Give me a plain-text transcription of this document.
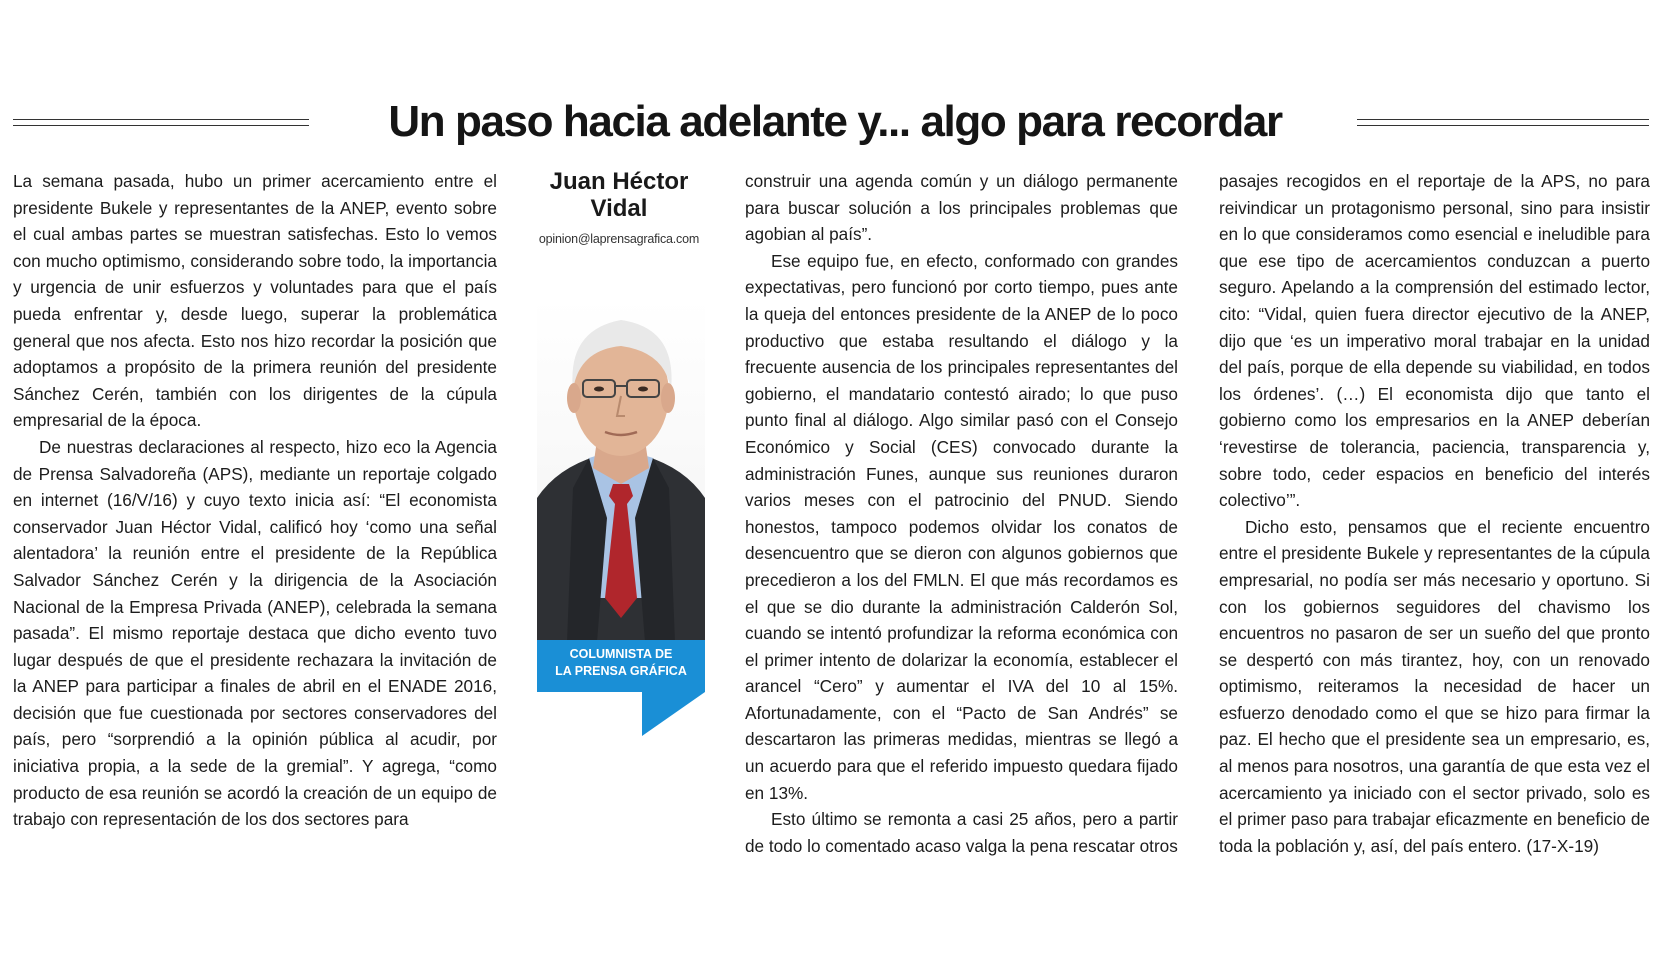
Un paso hacia adelante y... algo para recordar

La semana pasada, hubo un primer acercamiento entre el presidente Bukele y representantes de la ANEP, evento sobre el cual ambas partes se muestran satisfechas. Esto lo vemos con mucho optimismo, considerando sobre todo, la importancia y urgencia de unir esfuerzos y voluntades para que el país pueda enfrentar y, desde luego, superar la problemática general que nos afecta. Esto nos hizo recordar la posición que adoptamos a propósito de la primera reunión del presidente Sánchez Cerén, también con los dirigentes de la cúpula empresarial de la época.

De nuestras declaraciones al respecto, hizo eco la Agencia de Prensa Salvadoreña (APS), mediante un reportaje colgado en internet (16/V/16) y cuyo texto inicia así: “El economista conservador Juan Héctor Vidal, calificó hoy ‘como una señal alentadora’ la reunión entre el presidente de la República Salvador Sánchez Cerén y la dirigencia de la Asociación Nacional de la Empresa Privada (ANEP), celebrada la semana pasada”. El mismo reportaje destaca que dicho evento tuvo lugar después de que el presidente rechazara la invitación de la ANEP para participar a finales de abril en el ENADE 2016, decisión que fue cuestionada por sectores conservadores del país, pero “sorprendió a la opinión pública al acudir, por iniciativa propia, a la sede de la gremial”. Y agrega, “como producto de esa reunión se acordó la creación de un equipo de trabajo con representación de los dos sectores para

Juan Héctor
Vidal
opinion@laprensagrafica.com
COLUMNISTA DE
LA PRENSA GRÁFICA

construir una agenda común y un diálogo permanente para buscar solución a los principales problemas que agobian al país”.

Ese equipo fue, en efecto, conformado con grandes expectativas, pero funcionó por corto tiempo, pues ante la queja del entonces presidente de la ANEP de lo poco productivo que estaba resultando el diálogo y la frecuente ausencia de los principales representantes del gobierno, el mandatario contestó airado; lo que puso punto final al diálogo. Algo similar pasó con el Consejo Económico y Social (CES) convocado durante la administración Funes, aunque sus reuniones duraron varios meses con el patrocinio del PNUD. Siendo honestos, tampoco podemos olvidar los conatos de desencuentro que se dieron con algunos gobiernos que precedieron a los del FMLN. El que más recordamos es el que se dio durante la administración Calderón Sol, cuando se intentó profundizar la reforma económica con el primer intento de dolarizar la economía, establecer el arancel “Cero” y aumentar el IVA del 10 al 15%. Afortunadamente, con el “Pacto de San Andrés” se descartaron las primeras medidas, mientras se llegó a un acuerdo para que el referido impuesto quedara fijado en 13%.

Esto último se remonta a casi 25 años, pero a partir de todo lo comentado acaso valga la pena rescatar otros

pasajes recogidos en el reportaje de la APS, no para reivindicar un protagonismo personal, sino para insistir en lo que consideramos como esencial e ineludible para que ese tipo de acercamientos conduzcan a puerto seguro. Apelando a la comprensión del estimado lector, cito: “Vidal, quien fuera director ejecutivo de la ANEP, dijo que ‘es un imperativo moral trabajar en la unidad del país, porque de ella depende su viabilidad, en todos los órdenes’. (…) El economista dijo que tanto el gobierno como los empresarios en la ANEP deberían ‘revestirse de tolerancia, paciencia, transparencia y, sobre todo, ceder espacios en beneficio del interés colectivo’”.

Dicho esto, pensamos que el reciente encuentro entre el presidente Bukele y representantes de la cúpula empresarial, no podía ser más necesario y oportuno. Si con los gobiernos seguidores del chavismo los encuentros no pasaron de ser un sueño del que pronto se despertó con más tirantez, hoy, con un renovado optimismo, reiteramos la necesidad de hacer un esfuerzo denodado como el que se hizo para firmar la paz. El hecho que el presidente sea un empresario, es, al menos para nosotros, una garantía de que esta vez el acercamiento ya iniciado con el sector privado, solo es el primer paso para trabajar eficazmente en beneficio de toda la población y, así, del país entero. (17-X-19)
